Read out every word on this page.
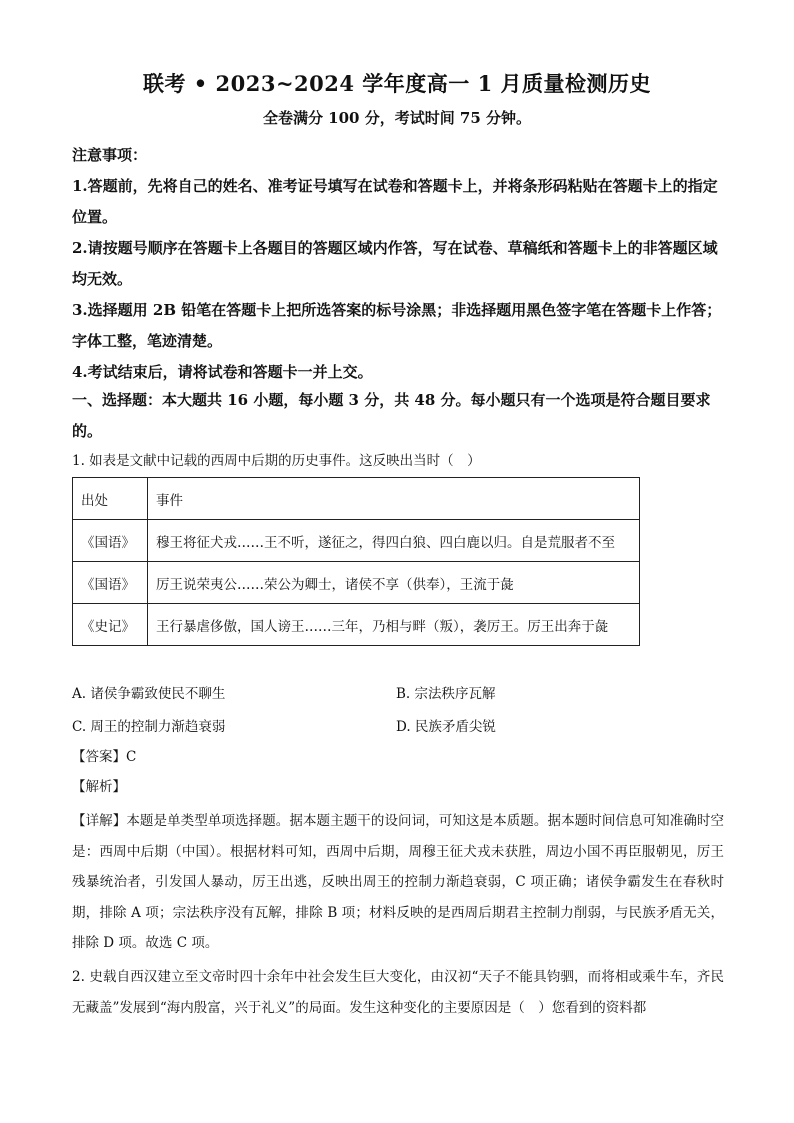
联考 • 2023~2024 学年度高一 1 月质量检测历史
全卷满分 100 分，考试时间 75 分钟。

注意事项：

1.答题前，先将自己的姓名、准考证号填写在试卷和答题卡上，并将条形码粘贴在答题卡上的指定位置。

2.请按题号顺序在答题卡上各题目的答题区域内作答，写在试卷、草稿纸和答题卡上的非答题区域均无效。

3.选择题用 2B 铅笔在答题卡上把所选答案的标号涂黑；非选择题用黑色签字笔在答题卡上作答；字体工整，笔迹清楚。

4.考试结束后，请将试卷和答题卡一并上交。

一、选择题：本大题共 16 小题，每小题 3 分，共 48 分。每小题只有一个选项是符合题目要求的。

1. 如表是文献中记载的西周中后期的历史事件。这反映出当时（　）

出处	事件
《国语》	穆王将征犬戎……王不听，遂征之，得四白狼、四白鹿以归。自是荒服者不至
《国语》	厉王说荣夷公……荣公为卿士，诸侯不享（供奉），王流于彘
《史记》	王行暴虐侈傲，国人谤王……三年，乃相与畔（叛），袭厉王。厉王出奔于彘
A. 诸侯争霸致使民不聊生	B. 宗法秩序瓦解
C. 周王的控制力渐趋衰弱	D. 民族矛盾尖锐

【答案】C

【解析】

【详解】本题是单类型单项选择题。据本题主题干的设问词，可知这是本质题。据本题时间信息可知准确时空是：西周中后期（中国）。根据材料可知，西周中后期，周穆王征犬戎未获胜，周边小国不再臣服朝见，厉王残暴统治者，引发国人暴动，厉王出逃，反映出周王的控制力渐趋衰弱，C 项正确；诸侯争霸发生在春秋时期，排除 A 项；宗法秩序没有瓦解，排除 B 项；材料反映的是西周后期君主控制力削弱，与民族矛盾无关，排除 D 项。故选 C 项。

2. 史载自西汉建立至文帝时四十余年中社会发生巨大变化，由汉初“天子不能具钧驷，而将相或乘牛车，齐民无藏盖”发展到“海内殷富，兴于礼义”的局面。发生这种变化的主要原因是（　）您看到的资料都
